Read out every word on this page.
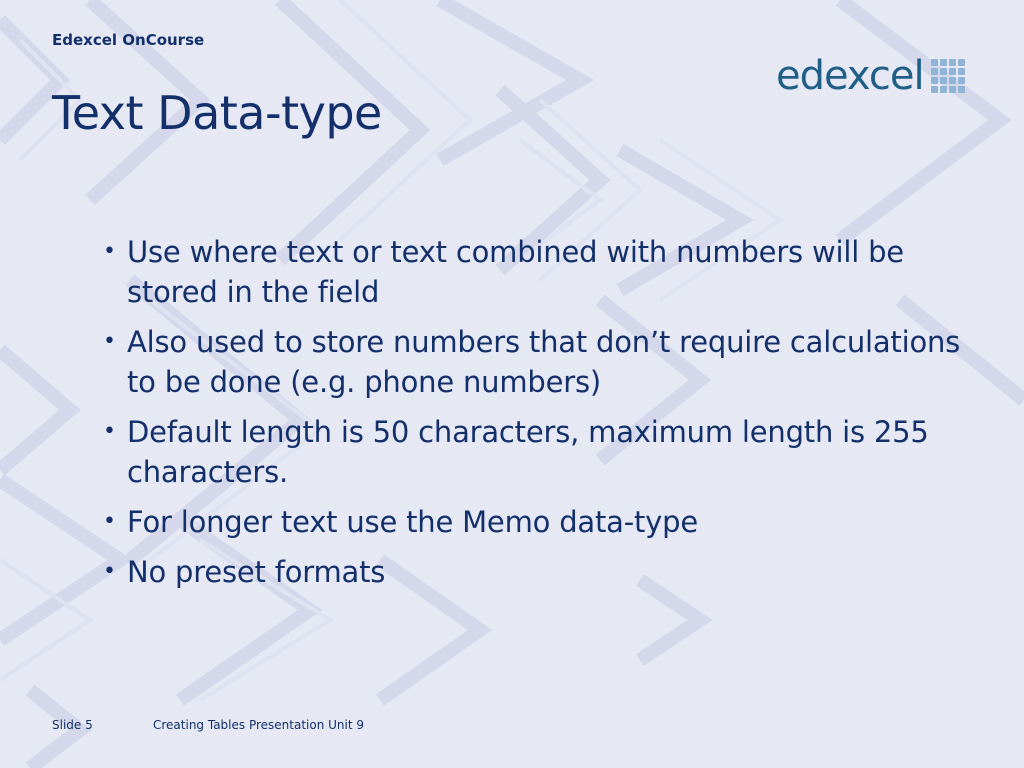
Edexcel OnCourse
edexcel
Text Data-type
• Use where text or text combined with numbers will be stored in the field
• Also used to store numbers that don’t require calculations to be done (e.g. phone numbers)
• Default length is 50 characters, maximum length is 255 characters.
• For longer text use the Memo data-type
• No preset formats
Slide 5	Creating Tables Presentation Unit 9
